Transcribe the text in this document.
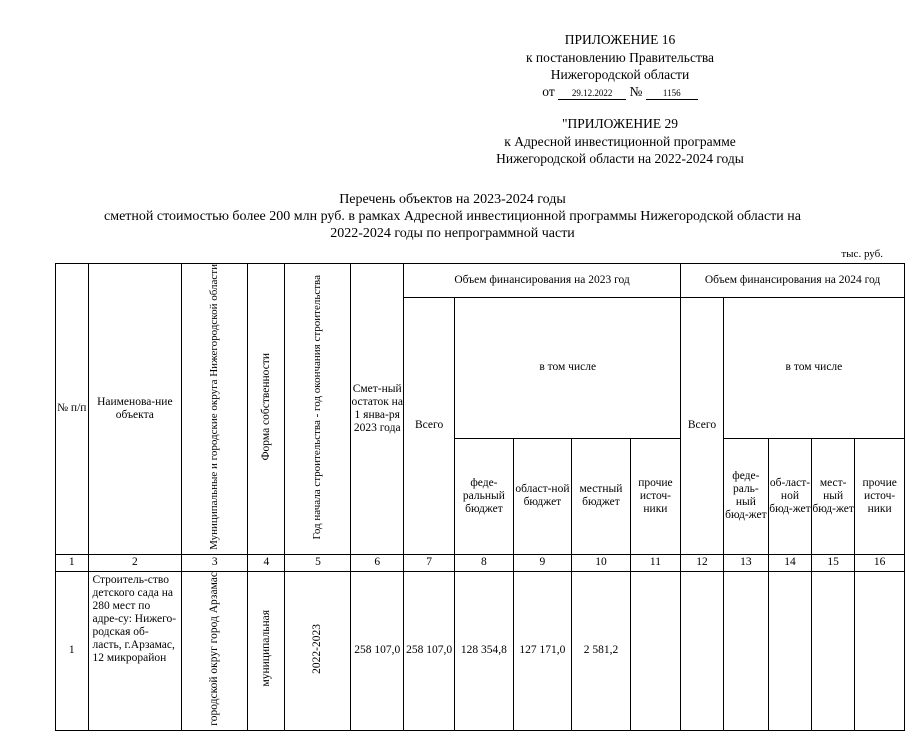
ПРИЛОЖЕНИЕ 16
к постановлению Правительства
Нижегородской области
от 29.12.2022 № 1156
"ПРИЛОЖЕНИЕ 29
к Адресной инвестиционной программе
Нижегородской области на 2022-2024 годы
Перечень объектов на 2023-2024 годы
сметной стоимостью более 200 млн руб. в рамках Адресной инвестиционной программы Нижегородской области на
2022-2024 годы по непрограммной части
тыс. руб.
№ п/п	Наименова-ние объекта	Муниципальные и городские округа Нижегородской области	Форма собственности	Год начала строительства - год окончания строительства	Смет-ный остаток на 1 янва-ря 2023 года	Объем финансирования на 2023 год					Объем финансирования на 2024 год				
						Всего	в том числе				Всего	в том числе			
							феде-ральный бюджет	област-ной бюджет	местный бюджет	прочие источ-ники		феде-раль-ный бюд-жет	об-ласт-ной бюд-жет	мест-ный бюд-жет	прочие источ-ники
1	2	3	4	5	6	7	8	9	10	11	12	13	14	15	16
1	Строитель-ство детского сада на 280 мест по адре-су: Нижего-родская об-ласть, г.Арзамас, 12 микрорайон	городской округ город Арзамас	муниципальная	2022-2023	258 107,0	258 107,0	128 354,8	127 171,0	2 581,2						
